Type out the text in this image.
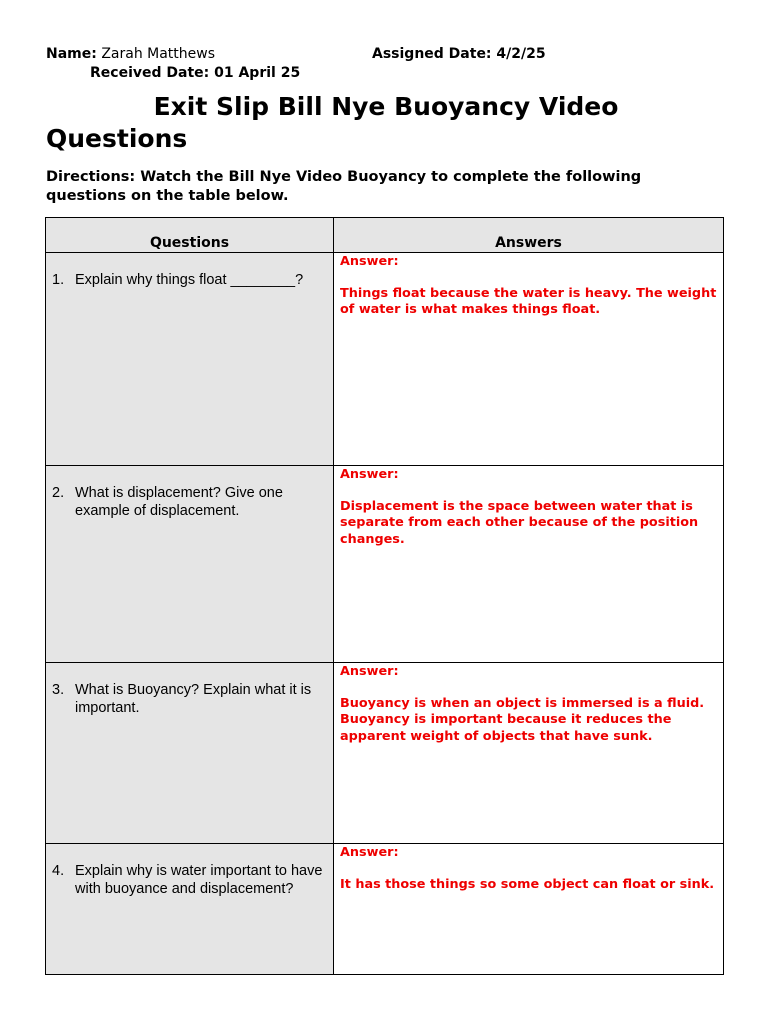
Name: Zarah Matthews	Assigned Date: 4/2/25
Received Date: 01 April 25
Exit Slip Bill Nye Buoyancy Video
Questions
Directions: Watch the Bill Nye Video Buoyancy to complete the following questions on the table below.
Questions	Answers

1. Explain why things float ________?	Answer:
Things float because the water is heavy. The weight of water is what makes things float.

2. What is displacement? Give one example of displacement.	Answer:
Displacement is the space between water that is separate from each other because of the position changes.

3. What is Buoyancy? Explain what it is important.	Answer:
Buoyancy is when an object is immersed is a fluid. Buoyancy is important because it reduces the apparent weight of objects that have sunk.

4. Explain why is water important to have with buoyance and displacement?	Answer:
It has those things so some object can float or sink.
